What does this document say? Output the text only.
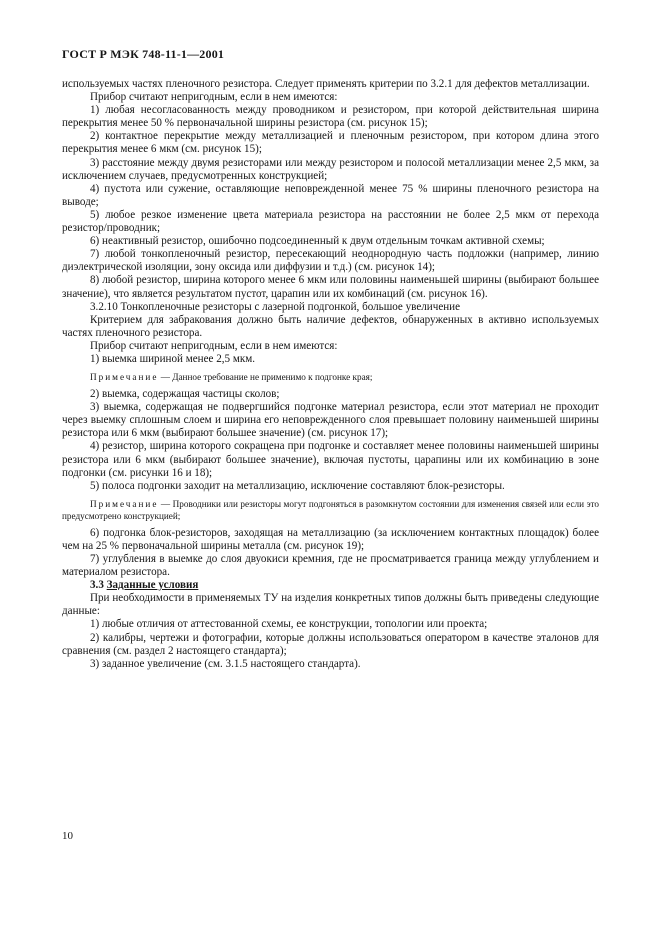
ГОСТ Р МЭК 748-11-1—2001

используемых частях пленочного резистора. Следует применять критерии по 3.2.1 для дефектов металлизации.

Прибор считают непригодным, если в нем имеются:

1) любая несогласованность между проводником и резистором, при которой действительная ширина перекрытия менее 50 % первоначальной ширины резистора (см. рисунок 15);

2) контактное перекрытие между металлизацией и пленочным резистором, при котором длина этого перекрытия менее 6 мкм (см. рисунок 15);

3) расстояние между двумя резисторами или между резистором и полосой металлизации менее 2,5 мкм, за исключением случаев, предусмотренных конструкцией;

4) пустота или сужение, оставляющие неповрежденной менее 75 % ширины пленочного резистора на выводе;

5) любое резкое изменение цвета материала резистора на расстоянии не более 2,5 мкм от перехода резистор/проводник;

6) неактивный резистор, ошибочно подсоединенный к двум отдельным точкам активной схемы;

7) любой тонкопленочный резистор, пересекающий неоднородную часть подложки (например, линию диэлектрической изоляции, зону оксида или диффузии и т.д.) (см. рисунок 14);

8) любой резистор, ширина которого менее 6 мкм или половины наименьшей ширины (выбирают большее значение), что является результатом пустот, царапин или их комбинаций (см. рисунок 16).

3.2.10 Тонкопленочные резисторы с лазерной подгонкой, большое увеличение

Критерием для забракования должно быть наличие дефектов, обнаруженных в активно используемых частях пленочного резистора.

Прибор считают непригодным, если в нем имеются:

1) выемка шириной менее 2,5 мкм.

Примечание — Данное требование не применимо к подгонке края;

2) выемка, содержащая частицы сколов;

3) выемка, содержащая не подвергшийся подгонке материал резистора, если этот материал не проходит через выемку сплошным слоем и ширина его неповрежденного слоя превышает половину наименьшей ширины резистора или 6 мкм (выбирают большее значение) (см. рисунок 17);

4) резистор, ширина которого сокращена при подгонке и составляет менее половины наименьшей ширины резистора или 6 мкм (выбирают большее значение), включая пустоты, царапины или их комбинацию в зоне подгонки (см. рисунки 16 и 18);

5) полоса подгонки заходит на металлизацию, исключение составляют блок-резисторы.

Примечание — Проводники или резисторы могут подгоняться в разомкнутом состоянии для изменения связей или если это предусмотрено конструкцией;

6) подгонка блок-резисторов, заходящая на металлизацию (за исключением контактных площадок) более чем на 25 % первоначальной ширины металла (см. рисунок 19);

7) углубления в выемке до слоя двуокиси кремния, где не просматривается граница между углублением и материалом резистора.

3.3 Заданные условия

При необходимости в применяемых ТУ на изделия конкретных типов должны быть приведены следующие данные:

1) любые отличия от аттестованной схемы, ее конструкции, топологии или проекта;

2) калибры, чертежи и фотографии, которые должны использоваться оператором в качестве эталонов для сравнения (см. раздел 2 настоящего стандарта);

3) заданное увеличение (см. 3.1.5 настоящего стандарта).

10
